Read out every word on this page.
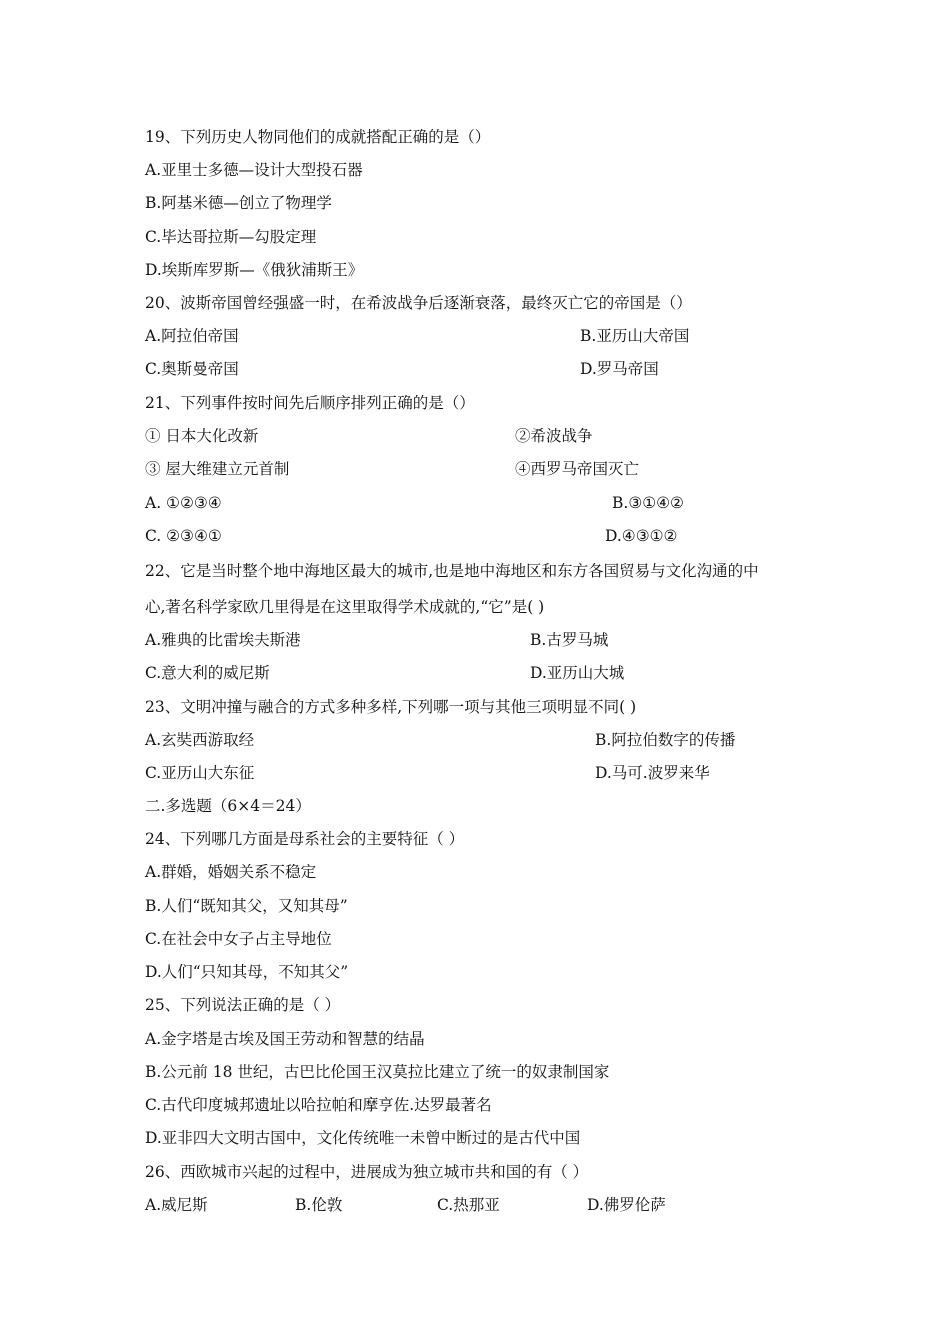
19、下列历史人物同他们的成就搭配正确的是（）
A.亚里士多德—设计大型投石器
B.阿基米德—创立了物理学
C.毕达哥拉斯—勾股定理
D.埃斯库罗斯—《俄狄浦斯王》
20、波斯帝国曾经强盛一时，在希波战争后逐渐衰落，最终灭亡它的帝国是（）
A.阿拉伯帝国	B.亚历山大帝国
C.奥斯曼帝国	D.罗马帝国
21、下列事件按时间先后顺序排列正确的是（）
① 日本大化改新	②希波战争
③ 屋大维建立元首制	④西罗马帝国灭亡
A. ①②③④	B.③①④②
C. ②③④①	D.④③①②
22、它是当时整个地中海地区最大的城市,也是地中海地区和东方各国贸易与文化沟通的中
心,著名科学家欧几里得是在这里取得学术成就的,“它”是( )
A.雅典的比雷埃夫斯港	B.古罗马城
C.意大利的威尼斯	D.亚历山大城
23、文明冲撞与融合的方式多种多样,下列哪一项与其他三项明显不同( )
A.玄奘西游取经	B.阿拉伯数字的传播
C.亚历山大东征	D.马可.波罗来华
二.多选题（6×4＝24）
24、下列哪几方面是母系社会的主要特征（ ）
A.群婚，婚姻关系不稳定
B.人们“既知其父，又知其母”
C.在社会中女子占主导地位
D.人们“只知其母，不知其父”
25、下列说法正确的是（ ）
A.金字塔是古埃及国王劳动和智慧的结晶
B.公元前 18 世纪，古巴比伦国王汉莫拉比建立了统一的奴隶制国家
C.古代印度城邦遗址以哈拉帕和摩亨佐.达罗最著名
D.亚非四大文明古国中，文化传统唯一未曾中断过的是古代中国
26、西欧城市兴起的过程中，进展成为独立城市共和国的有（ ）
A.威尼斯	B.伦敦	C.热那亚	D.佛罗伦萨
